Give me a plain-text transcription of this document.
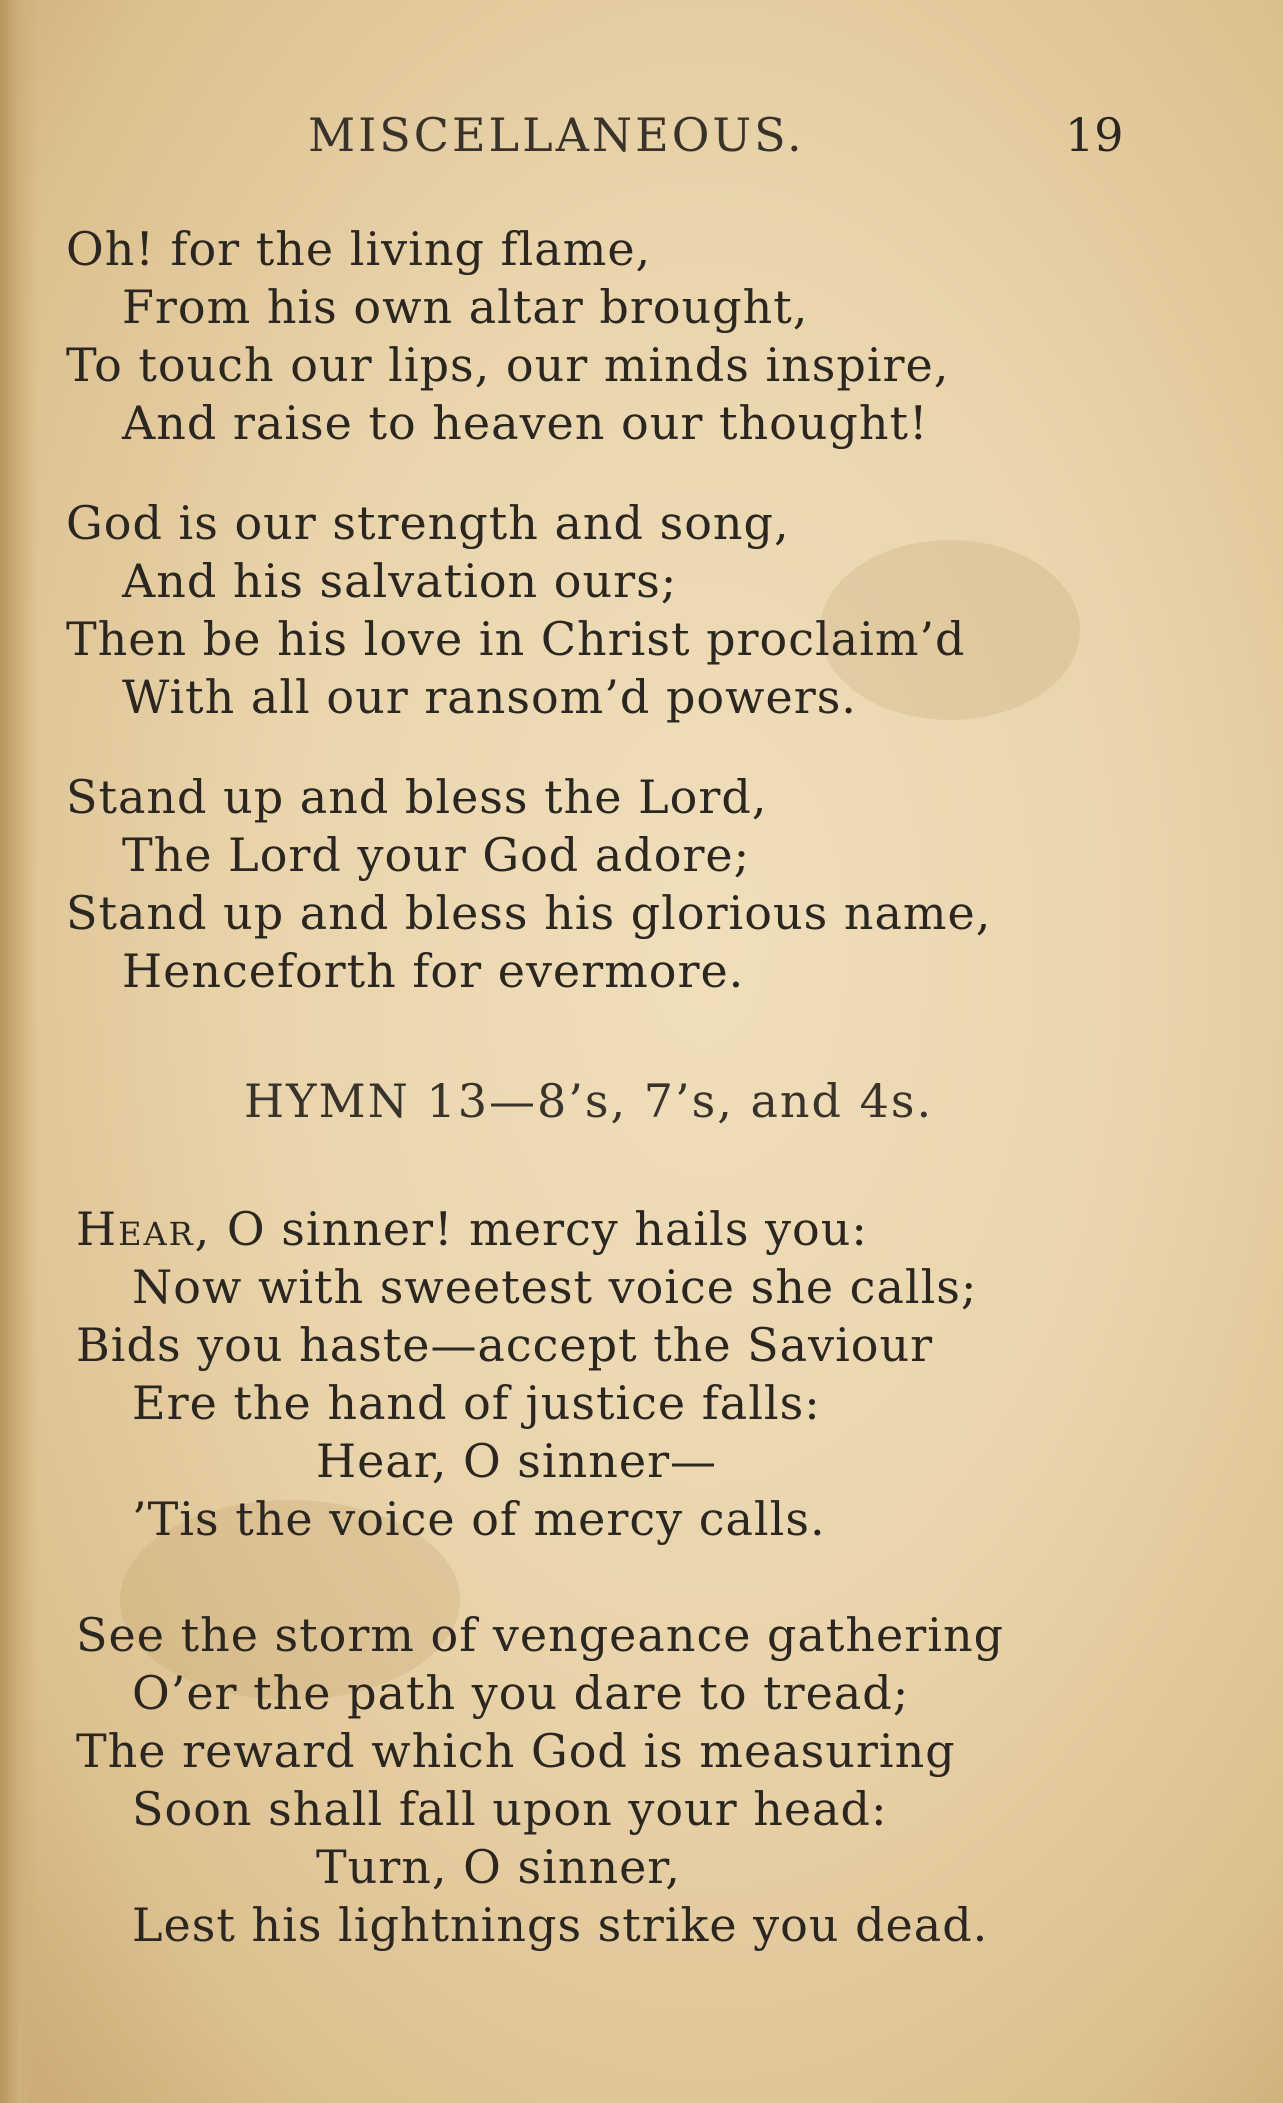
MISCELLANEOUS.	19
Oh! for the living flame,
From his own altar brought,
To touch our lips, our minds inspire,
And raise to heaven our thought!
God is our strength and song,
And his salvation ours;
Then be his love in Christ proclaim’d
With all our ransom’d powers.
Stand up and bless the Lord,
The Lord your God adore;
Stand up and bless his glorious name,
Henceforth for evermore.
HYMN 13—8’s, 7’s, and 4s.
Hear, O sinner! mercy hails you:
Now with sweetest voice she calls;
Bids you haste—accept the Saviour
Ere the hand of justice falls:
Hear, O sinner—
’Tis the voice of mercy calls.
See the storm of vengeance gathering
O’er the path you dare to tread;
The reward which God is measuring
Soon shall fall upon your head:
Turn, O sinner,
Lest his lightnings strike you dead.
